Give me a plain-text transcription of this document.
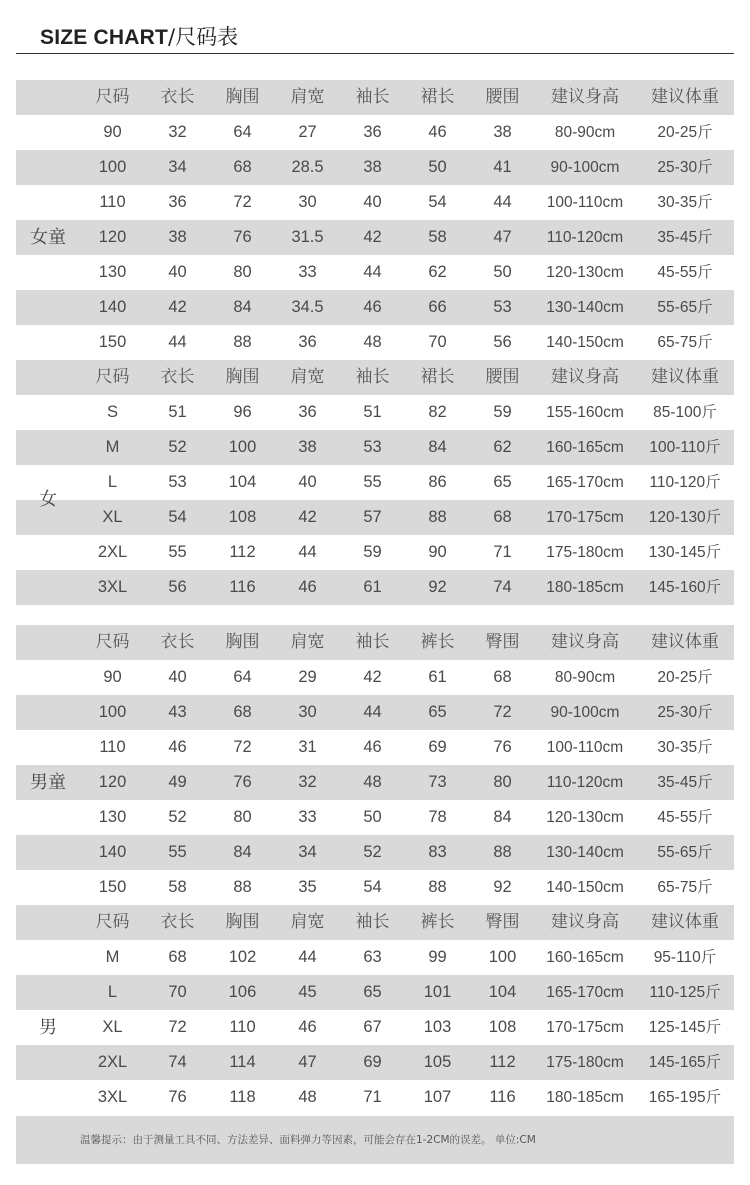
SIZE CHART/尺码表
尺码	衣长	胸围	肩宽	袖长	裙长	腰围	建议身高	建议体重
90	32	64	27	36	46	38	80-90cm	20-25斤
100	34	68	28.5	38	50	41	90-100cm	25-30斤
110	36	72	30	40	54	44	100-110cm	30-35斤
120	38	76	31.5	42	58	47	110-120cm	35-45斤
130	40	80	33	44	62	50	120-130cm	45-55斤
140	42	84	34.5	46	66	53	130-140cm	55-65斤
150	44	88	36	48	70	56	140-150cm	65-75斤
女童
尺码	衣长	胸围	肩宽	袖长	裙长	腰围	建议身高	建议体重
S	51	96	36	51	82	59	155-160cm	85-100斤
M	52	100	38	53	84	62	160-165cm	100-110斤
L	53	104	40	55	86	65	165-170cm	110-120斤
XL	54	108	42	57	88	68	170-175cm	120-130斤
2XL	55	112	44	59	90	71	175-180cm	130-145斤
3XL	56	116	46	61	92	74	180-185cm	145-160斤
女
尺码	衣长	胸围	肩宽	袖长	裤长	臀围	建议身高	建议体重
90	40	64	29	42	61	68	80-90cm	20-25斤
100	43	68	30	44	65	72	90-100cm	25-30斤
110	46	72	31	46	69	76	100-110cm	30-35斤
120	49	76	32	48	73	80	110-120cm	35-45斤
130	52	80	33	50	78	84	120-130cm	45-55斤
140	55	84	34	52	83	88	130-140cm	55-65斤
150	58	88	35	54	88	92	140-150cm	65-75斤
男童
尺码	衣长	胸围	肩宽	袖长	裤长	臀围	建议身高	建议体重
M	68	102	44	63	99	100	160-165cm	95-110斤
L	70	106	45	65	101	104	165-170cm	110-125斤
XL	72	110	46	67	103	108	170-175cm	125-145斤
2XL	74	114	47	69	105	112	175-180cm	145-165斤
3XL	76	118	48	71	107	116	180-185cm	165-195斤
男
温馨提示：由于测量工具不同、方法差异、面料弹力等因素，可能会存在1-2CM的误差。 单位:CM
